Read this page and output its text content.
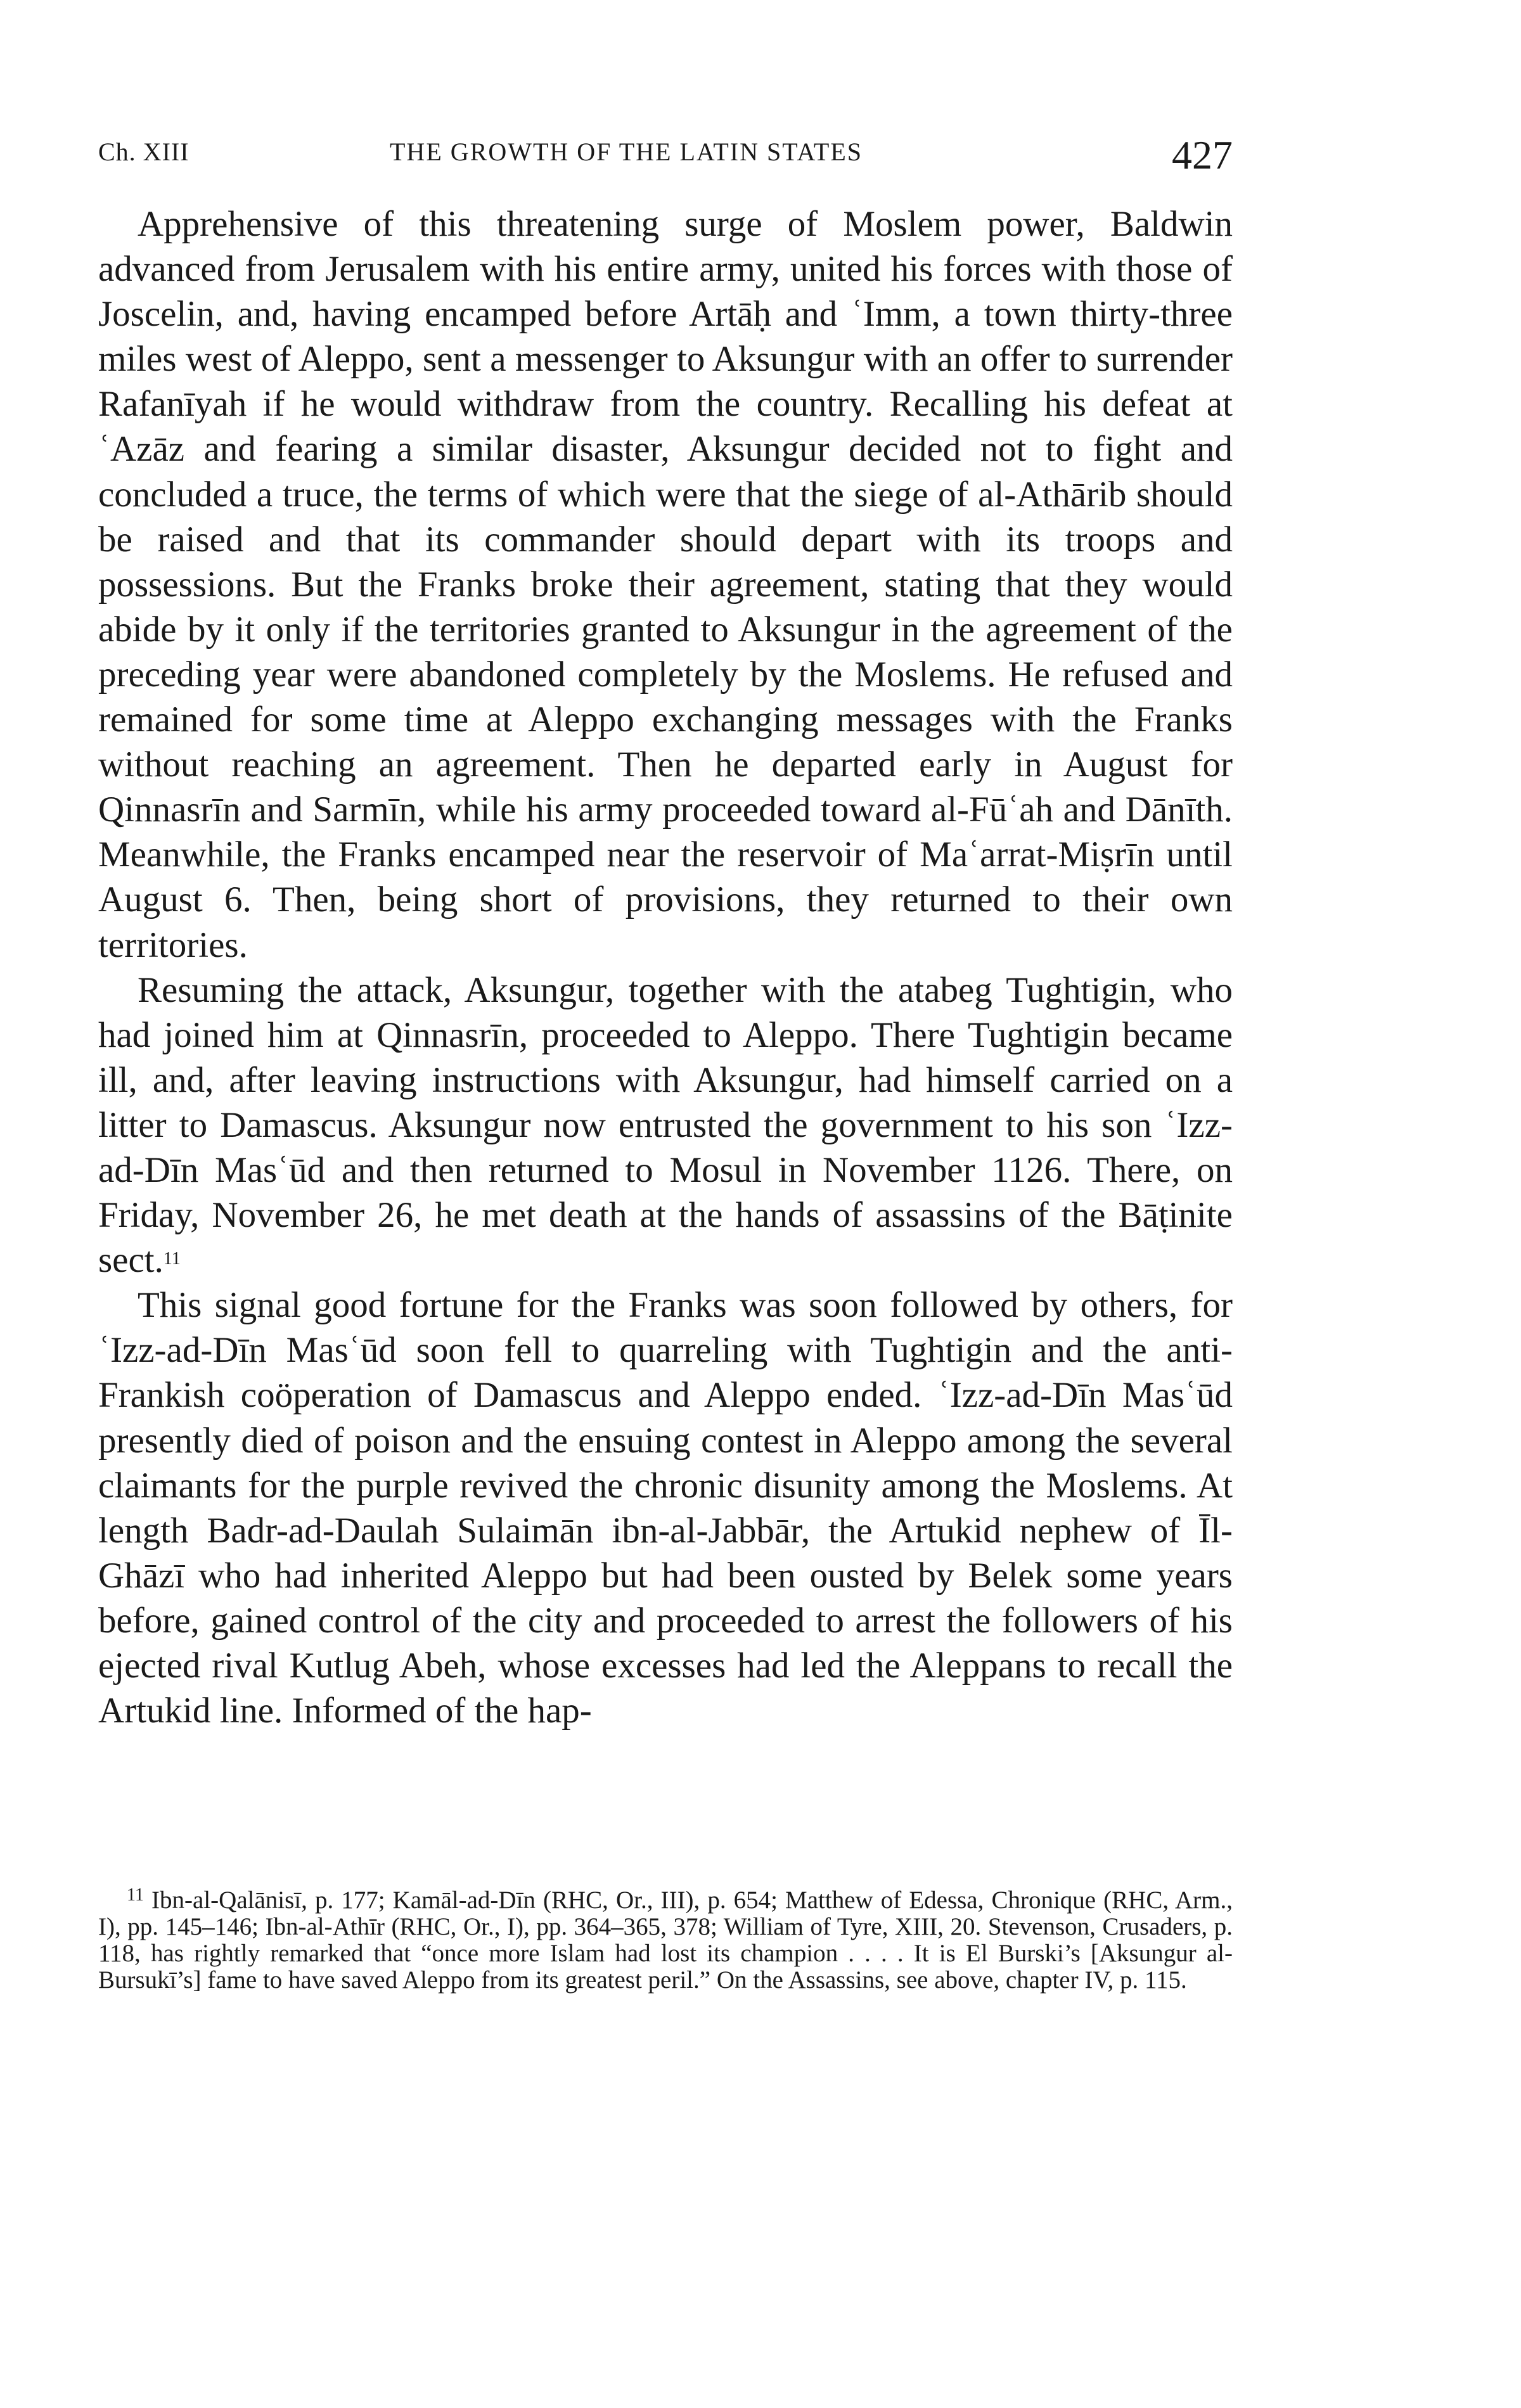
Ch. XIII	THE GROWTH OF THE LATIN STATES	427

Apprehensive of this threatening surge of Moslem power, Baldwin advanced from Jerusalem with his entire army, united his forces with those of Joscelin, and, having encamped before Artāḥ and ʿImm, a town thirty-three miles west of Aleppo, sent a messenger to Aksungur with an offer to surrender Rafanīyah if he would withdraw from the country. Recalling his defeat at ʿAzāz and fearing a similar disaster, Aksungur decided not to fight and concluded a truce, the terms of which were that the siege of al-Athārib should be raised and that its commander should depart with its troops and possessions. But the Franks broke their agreement, stating that they would abide by it only if the territories granted to Aksungur in the agreement of the preceding year were abandoned completely by the Moslems. He refused and remained for some time at Aleppo exchanging messages with the Franks without reaching an agreement. Then he departed early in August for Qinnasrīn and Sarmīn, while his army proceeded toward al-Fūʿah and Dānīth. Meanwhile, the Franks encamped near the reservoir of Maʿarrat-Miṣrīn until August 6. Then, being short of provisions, they returned to their own territories.

Resuming the attack, Aksungur, together with the atabeg Tughtigin, who had joined him at Qinnasrīn, proceeded to Aleppo. There Tughtigin became ill, and, after leaving instructions with Aksungur, had himself carried on a litter to Damascus. Aksungur now entrusted the government to his son ʿIzz-ad-Dīn Masʿūd and then returned to Mosul in November 1126. There, on Friday, November 26, he met death at the hands of assassins of the Bāṭinite sect.$^{11}$

This signal good fortune for the Franks was soon followed by others, for ʿIzz-ad-Dīn Masʿūd soon fell to quarreling with Tughtigin and the anti-Frankish coöperation of Damascus and Aleppo ended. ʿIzz-ad-Dīn Masʿūd presently died of poison and the ensuing contest in Aleppo among the several claimants for the purple revived the chronic disunity among the Moslems. At length Badr-ad-Daulah Sulaimān ibn-al-Jabbār, the Artukid nephew of Īl-Ghāzī who had inherited Aleppo but had been ousted by Belek some years before, gained control of the city and proceeded to arrest the followers of his ejected rival Kutlug Abeh, whose excesses had led the Aleppans to recall the Artukid line. Informed of the hap-

$^{11}$ Ibn-al-Qalānisī, p. 177; Kamāl-ad-Dīn (RHC, Or., III), p. 654; Matthew of Edessa, Chronique (RHC, Arm., I), pp. 145–146; Ibn-al-Athīr (RHC, Or., I), pp. 364–365, 378; William of Tyre, XIII, 20. Stevenson, Crusaders, p. 118, has rightly remarked that “once more Islam had lost its champion . . . . It is El Burski’s [Aksungur al-Bursukī’s] fame to have saved Aleppo from its greatest peril.” On the Assassins, see above, chapter IV, p. 115.
